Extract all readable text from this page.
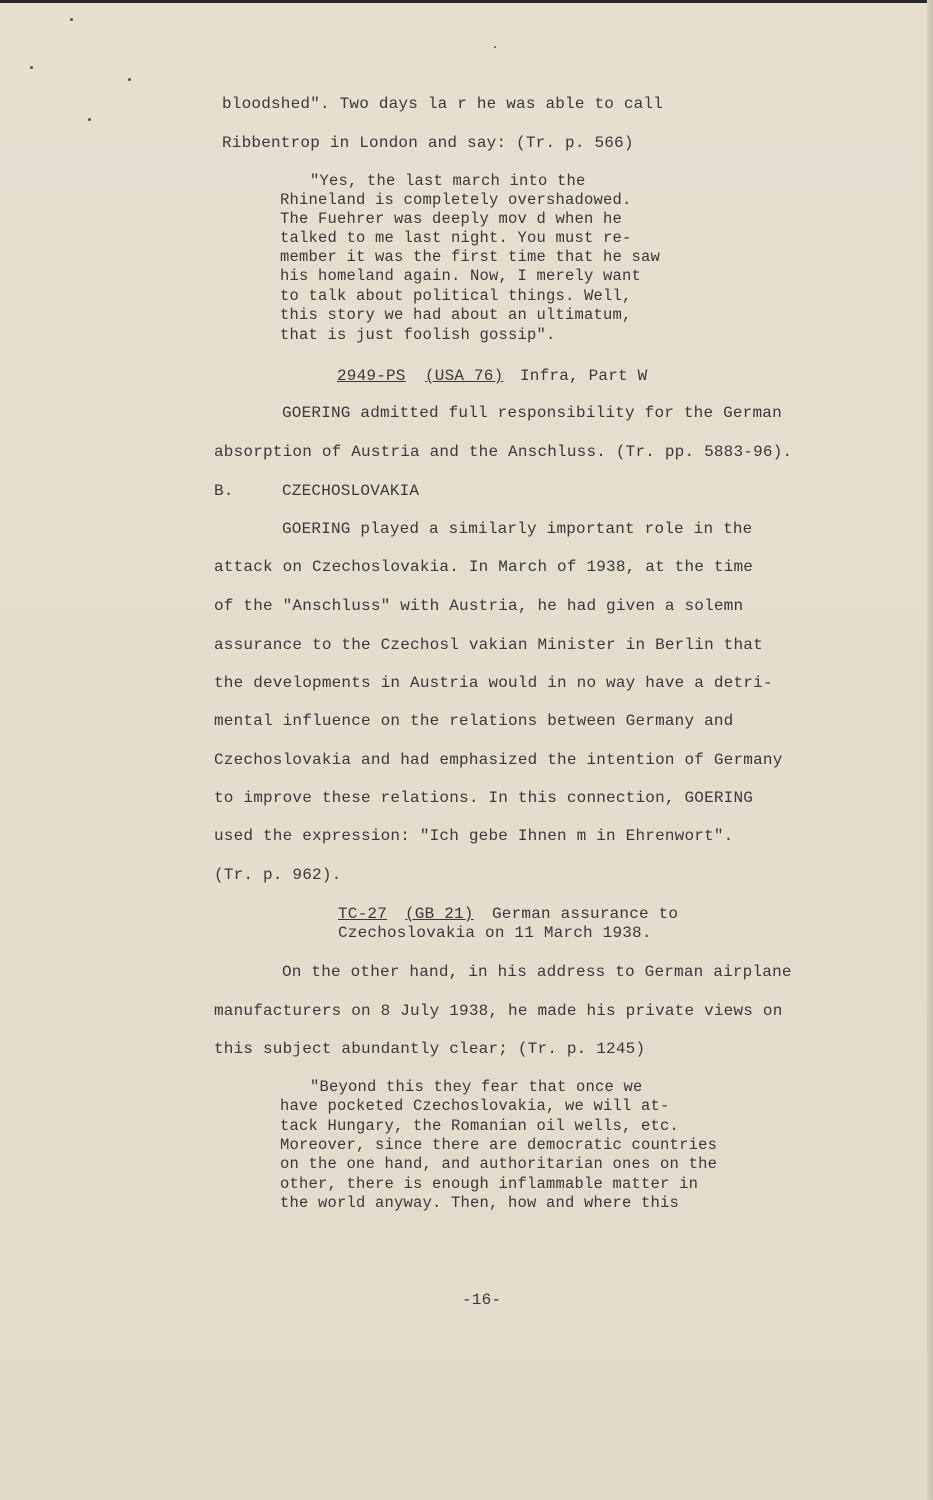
bloodshed". Two days la r he was able to call
Ribbentrop in London and say: (Tr. p. 566)
"Yes, the last march into the
Rhineland is completely overshadowed.
The Fuehrer was deeply mov d when he
talked to me last night. You must re-
member it was the first time that he saw
his homeland again. Now, I merely want
to talk about political things. Well,
this story we had about an ultimatum,
that is just foolish gossip".
2949-PS (USA 76) Infra, Part W
GOERING admitted full responsibility for the German
absorption of Austria and the Anschluss. (Tr. pp. 5883-96).
B.	CZECHOSLOVAKIA
GOERING played a similarly important role in the
attack on Czechoslovakia. In March of 1938, at the time
of the "Anschluss" with Austria, he had given a solemn
assurance to the Czechosl vakian Minister in Berlin that
the developments in Austria would in no way have a detri-
mental influence on the relations between Germany and
Czechoslovakia and had emphasized the intention of Germany
to improve these relations. In this connection, GOERING
used the expression: "Ich gebe Ihnen m in Ehrenwort".
(Tr. p. 962).
TC-27 (GB 21) German assurance to
Czechoslovakia on 11 March 1938.
On the other hand, in his address to German airplane
manufacturers on 8 July 1938, he made his private views on
this subject abundantly clear; (Tr. p. 1245)
"Beyond this they fear that once we
have pocketed Czechoslovakia, we will at-
tack Hungary, the Romanian oil wells, etc.
Moreover, since there are democratic countries
on the one hand, and authoritarian ones on the
other, there is enough inflammable matter in
the world anyway. Then, how and where this
-16-
